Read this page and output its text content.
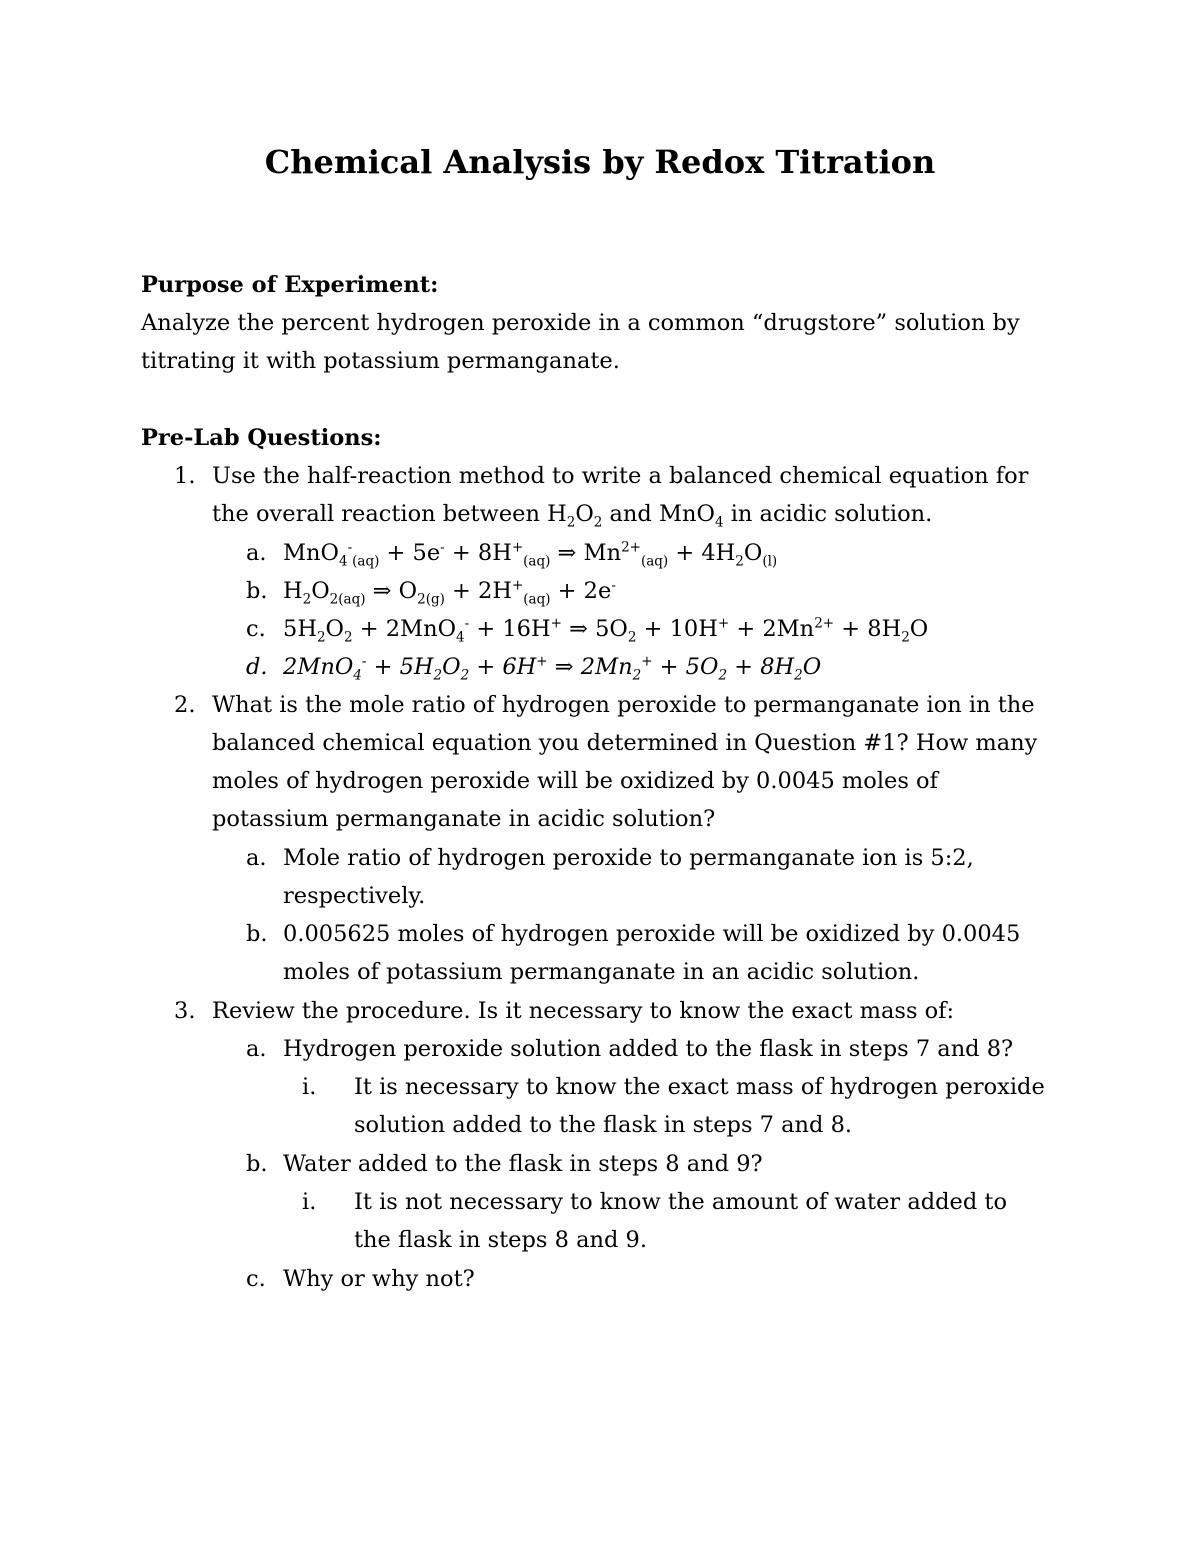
Chemical Analysis by Redox Titration
Purpose of Experiment:
Analyze the percent hydrogen peroxide in a common “drugstore” solution by
titrating it with potassium permanganate.
Pre-Lab Questions:
1. Use the half-reaction method to write a balanced chemical equation for
the overall reaction between $H_2O_2$ and MnO$_4$ in acidic solution.
a. $MnO_4^-_{(aq)} + 5e^- + 8H^+_{(aq)}$ ⇒ $Mn^{2+}_{(aq)} + 4H_2O_{(l)}$
b. $H_2O_{2(aq)}$ ⇒ $O_{2(g)} + 2H^+_{(aq)} + 2e^-$
c. $5H_2O_2 + 2MnO_4^- + 16H^+$ ⇒ $5O_2 + 10H^+ + 2Mn^{2+} + 8H_2O$
d. $2MnO_4^- + 5H_2O_2 + 6H^+$ ⇒ $2Mn_2^+ + 5O_2 + 8H_2O$
2. What is the mole ratio of hydrogen peroxide to permanganate ion in the
balanced chemical equation you determined in Question #1? How many
moles of hydrogen peroxide will be oxidized by 0.0045 moles of
potassium permanganate in acidic solution?
a. Mole ratio of hydrogen peroxide to permanganate ion is 5:2,
respectively.
b. 0.005625 moles of hydrogen peroxide will be oxidized by 0.0045
moles of potassium permanganate in an acidic solution.
3. Review the procedure. Is it necessary to know the exact mass of:
a. Hydrogen peroxide solution added to the flask in steps 7 and 8?
i. It is necessary to know the exact mass of hydrogen peroxide
solution added to the flask in steps 7 and 8.
b. Water added to the flask in steps 8 and 9?
i. It is not necessary to know the amount of water added to
the flask in steps 8 and 9.
c. Why or why not?
